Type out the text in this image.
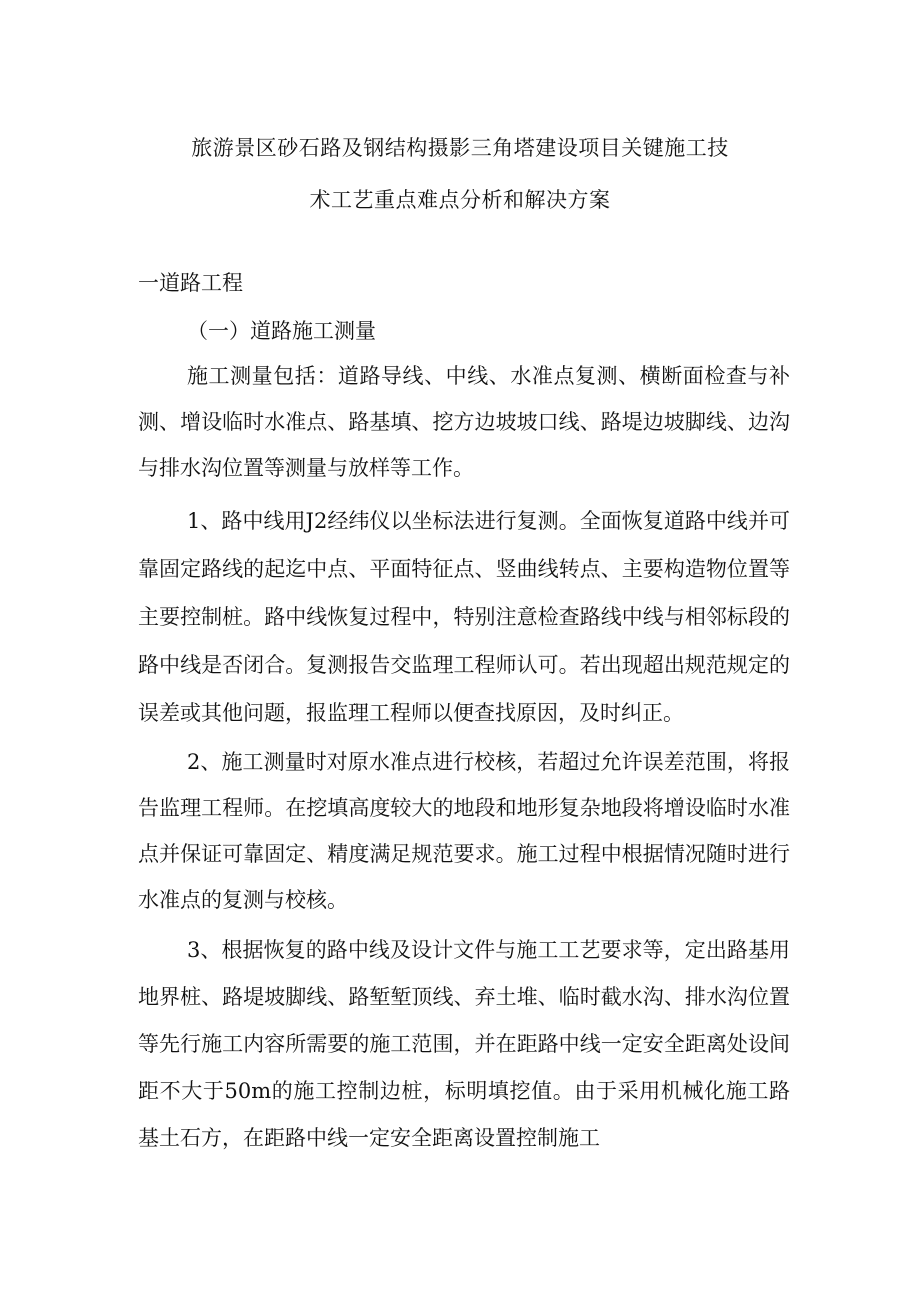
旅游景区砂石路及钢结构摄影三角塔建设项目关键施工技
术工艺重点难点分析和解决方案
一道路工程
（一）道路施工测量

施工测量包括：道路导线、中线、水准点复测、横断面检查与补测、增设临时水准点、路基填、挖方边坡坡口线、路堤边坡脚线、边沟与排水沟位置等测量与放样等工作。

1、路中线用J2经纬仪以坐标法进行复测。全面恢复道路中线并可靠固定路线的起迄中点、平面特征点、竖曲线转点、主要构造物位置等主要控制桩。路中线恢复过程中，特别注意检查路线中线与相邻标段的路中线是否闭合。复测报告交监理工程师认可。若出现超出规范规定的误差或其他问题，报监理工程师以便查找原因，及时纠正。

2、施工测量时对原水准点进行校核，若超过允许误差范围，将报告监理工程师。在挖填高度较大的地段和地形复杂地段将增设临时水准点并保证可靠固定、精度满足规范要求。施工过程中根据情况随时进行水准点的复测与校核。

3、根据恢复的路中线及设计文件与施工工艺要求等，定出路基用地界桩、路堤坡脚线、路堑堑顶线、弃土堆、临时截水沟、排水沟位置等先行施工内容所需要的施工范围，并在距路中线一定安全距离处设间距不大于50m的施工控制边桩，标明填挖值。由于采用机械化施工路基土石方，在距路中线一定安全距离设置控制施工
